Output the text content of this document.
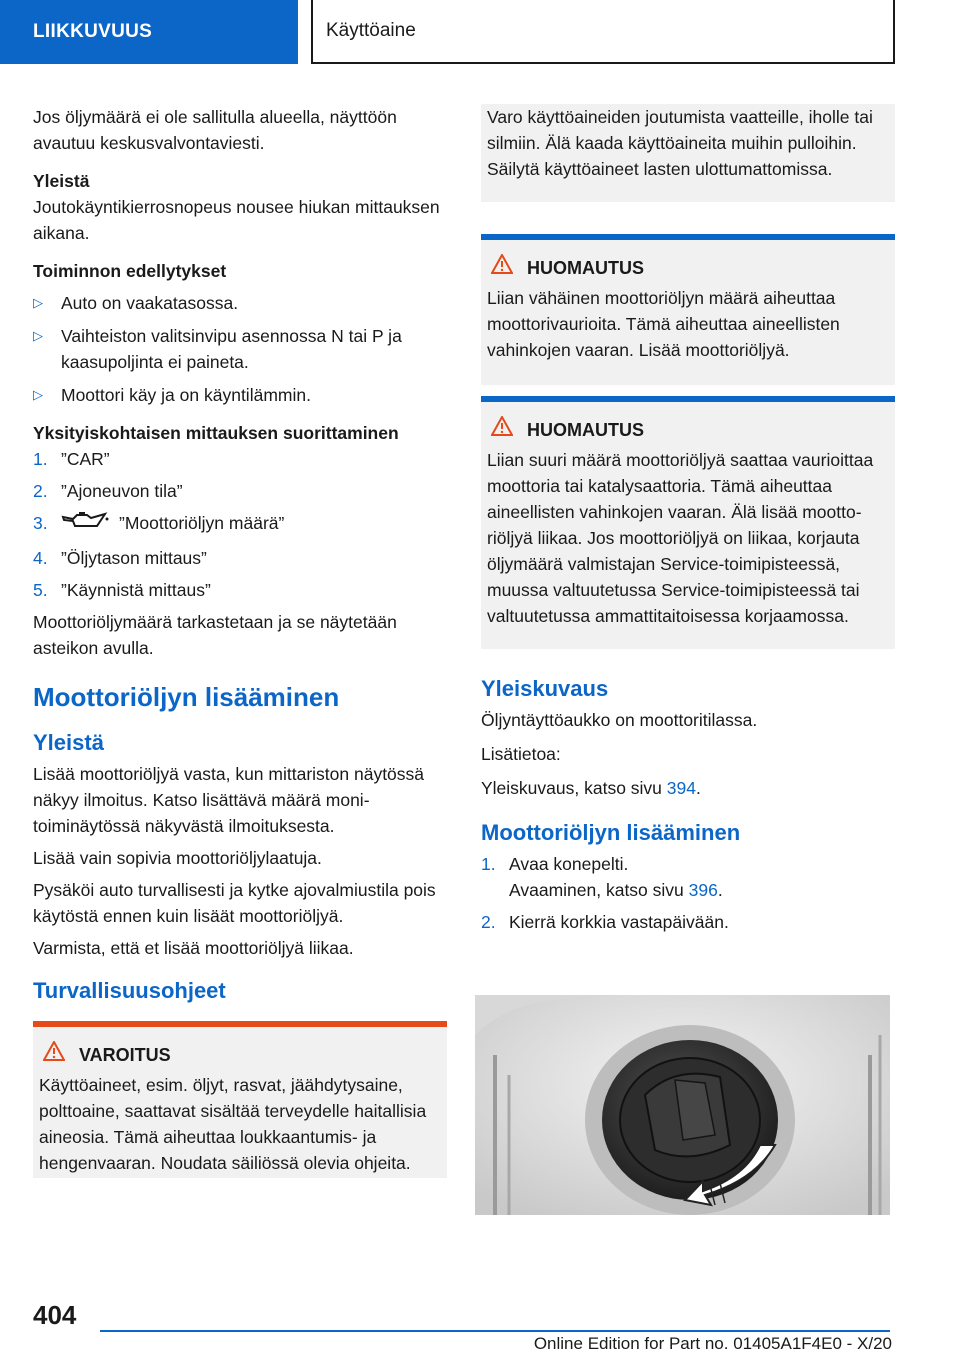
LIIKKUVUUS	Käyttöaine

Jos öljymäärä ei ole sallitulla alueella, näyttöön avautuu keskusvalvontaviesti.

Yleistä

Joutokäyntikierrosnopeus nousee hiukan mittauksen aikana.

Toiminnon edellytykset

▷ Auto on vaakatasossa.
▷ Vaihteiston valitsinvipu asennossa N tai P ja kaasupoljinta ei paineta.
▷ Moottori käy ja on käyntilämmin.

Yksityiskohtaisen mittauksen suorittaminen

1. ”CAR”
2. ”Ajoneuvon tila”
3.	”Moottoriöljyn määrä”
4. ”Öljytason mittaus”
5. ”Käynnistä mittaus”

Moottoriöljymäärä tarkastetaan ja se näytetään asteikon avulla.

Moottoriöljyn lisääminen
Yleistä

Lisää moottoriöljyä vasta, kun mittariston näytössä näkyy ilmoitus. Katso lisättävä määrä monitoiminäytössä näkyvästä ilmoituksesta.

Lisää vain sopivia moottoriöljylaatuja.

Pysäköi auto turvallisesti ja kytke ajovalmiustila pois käytöstä ennen kuin lisäät moottoriöljyä.

Varmista, että et lisää moottoriöljyä liikaa.

Turvallisuusohjeet
VAROITUS

Käyttöaineet, esim. öljyt, rasvat, jäähdytysaine, polttoaine, saattavat sisältää terveydelle haitallisia aineosia. Tämä aiheuttaa loukkaantumis- ja hengenvaaran. Noudata säiliössä olevia ohjeita.

Varo käyttöaineiden joutumista vaatteille, iholle tai silmiin. Älä kaada käyttöaineita muihin pulloihin. Säilytä käyttöaineet lasten ulottumattomissa.

HUOMAUTUS

Liian vähäinen moottoriöljyn määrä aiheuttaa moottorivaurioita. Tämä aiheuttaa aineellisten vahinkojen vaaran. Lisää moottoriöljyä.

HUOMAUTUS

Liian suuri määrä moottoriöljyä saattaa vaurioittaa moottoria tai katalysaattoria. Tämä aiheuttaa aineellisten vahinkojen vaaran. Älä lisää moottoriöljyä liikaa. Jos moottoriöljyä on liikaa, korjauta öljymäärä valmistajan Service-toimipisteessä, muussa valtuutetussa Service-toimipisteessä tai valtuutetussa ammattitaitoisessa korjaamossa.

Yleiskuvaus

Öljyntäyttöaukko on moottoritilassa.

Lisätietoa:

Yleiskuvaus, katso sivu 394.

Moottoriöljyn lisääminen
1. Avaa konepelti.
Avaaminen, katso sivu 396.
2. Kierrä korkkia vastapäivään.
404
Online Edition for Part no. 01405A1F4E0 - X/20
